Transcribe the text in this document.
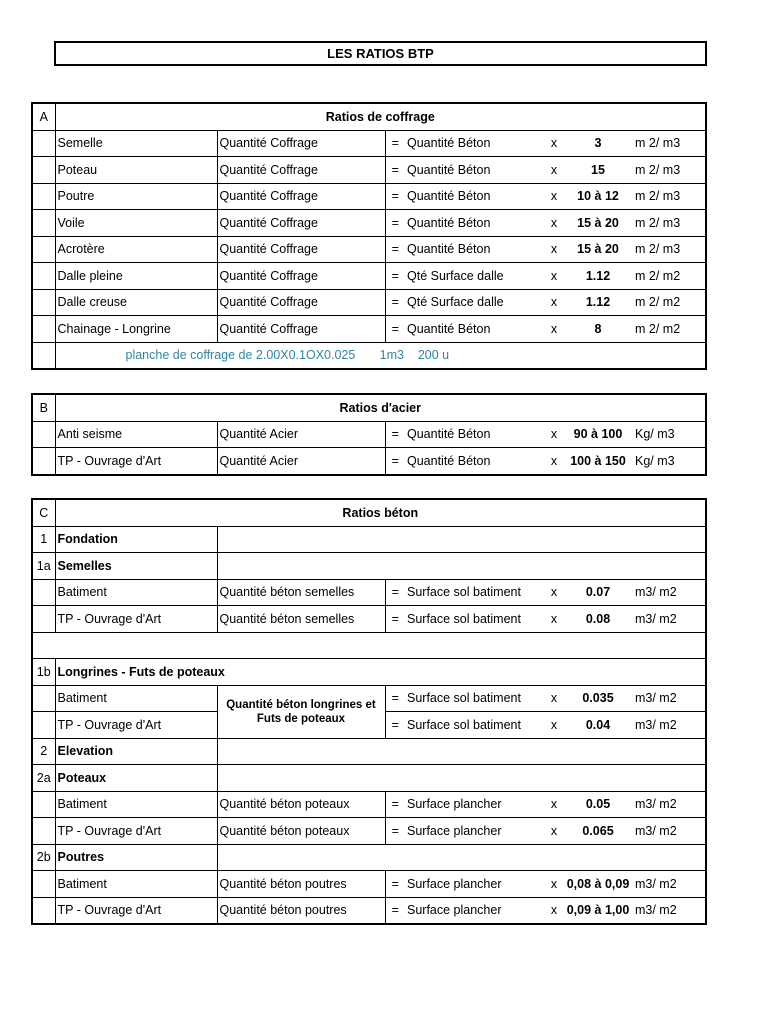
LES RATIOS BTP
A	Ratios de coffrage						
	Semelle	Quantité Coffrage	=	Quantité Béton	x	3	m 2/ m3
	Poteau	Quantité Coffrage	=	Quantité Béton	x	15	m 2/ m3
	Poutre	Quantité Coffrage	=	Quantité Béton	x	10 à 12	m 2/ m3
	Voile	Quantité Coffrage	=	Quantité Béton	x	15 à 20	m 2/ m3
	Acrotère	Quantité Coffrage	=	Quantité Béton	x	15 à 20	m 2/ m3
	Dalle pleine	Quantité Coffrage	=	Qté Surface dalle	x	1.12	m 2/ m2
	Dalle creuse	Quantité Coffrage	=	Qté Surface dalle	x	1.12	m 2/ m2
	Chainage - Longrine	Quantité Coffrage	=	Quantité Béton	x	8	m 2/ m2
	planche de coffrage de 2.00X0.1OX0.025       1m3    200 u						
B	Ratios d'acier						
	Anti seisme	Quantité Acier	=	Quantité Béton	x	90 à 100	Kg/ m3
	TP - Ouvrage d'Art	Quantité Acier	=	Quantité Béton	x	100 à 150	Kg/ m3
C	Ratios béton						
1	Fondation						
1a	Semelles						
	Batiment	Quantité béton semelles	=	Surface sol batiment	x	0.07	m3/ m2
	TP - Ouvrage d'Art	Quantité béton semelles	=	Surface sol batiment	x	0.08	m3/ m2

1b	Longrines - Futs de poteaux						
	Batiment	Quantité béton longrines et Futs de poteaux	=	Surface sol batiment	x	0.035	m3/ m2
	TP - Ouvrage d'Art		=	Surface sol batiment	x	0.04	m3/ m2
2	Elevation						
2a	Poteaux						
	Batiment	Quantité béton poteaux	=	Surface plancher	x	0.05	m3/ m2
	TP - Ouvrage d'Art	Quantité béton poteaux	=	Surface plancher	x	0.065	m3/ m2
2b	Poutres						
	Batiment	Quantité béton poutres	=	Surface plancher	x	0,08 à 0,09	m3/ m2
	TP - Ouvrage d'Art	Quantité béton poutres	=	Surface plancher	x	0,09 à 1,00	m3/ m2
